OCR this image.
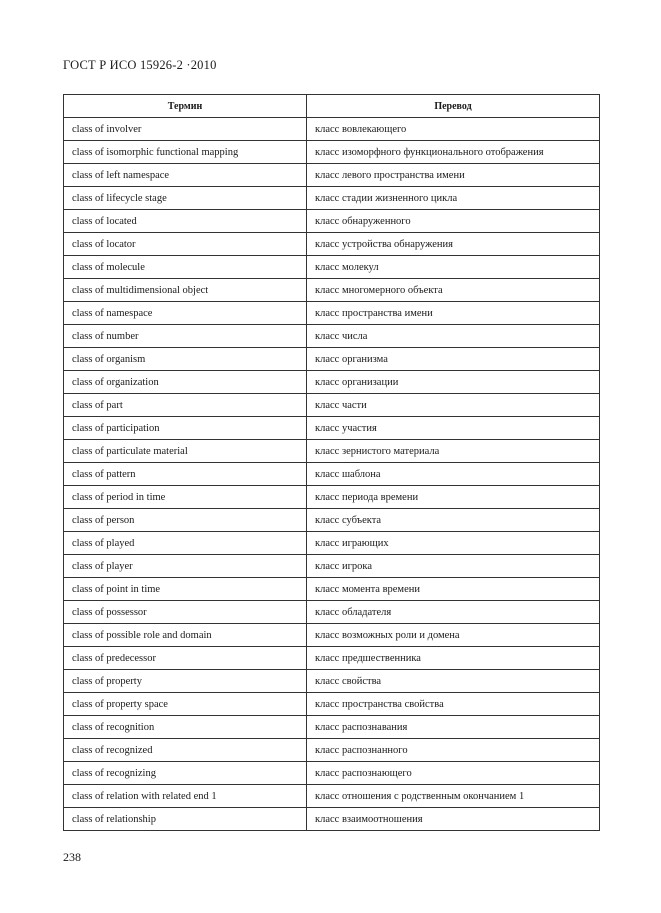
ГОСТ Р ИСО 15926-2 ·2010
Термин	Перевод
class of involver	класс вовлекающего
class of isomorphic functional mapping	класс изоморфного функционального отображения
class of left namespace	класс левого пространства имени
class of lifecycle stage	класс стадии жизненного цикла
class of located	класс обнаруженного
class of locator	класс устройства обнаружения
class of molecule	класс молекул
class of multidimensional object	класс многомерного объекта
class of namespace	класс пространства имени
class of number	класс числа
class of organism	класс организма
class of organization	класс организации
class of part	класс части
class of participation	класс участия
class of particulate material	класс зернистого материала
class of pattern	класс шаблона
class of period in time	класс периода времени
class of person	класс субъекта
class of played	класс играющих
class of player	класс игрока
class of point in time	класс момента времени
class of possessor	класс обладателя
class of possible role and domain	класс возможных роли и домена
class of predecessor	класс предшественника
class of property	класс свойства
class of property space	класс пространства свойства
class of recognition	класс распознавания
class of recognized	класс распознанного
class of recognizing	класс распознающего
class of relation with related end 1	класс отношения с родственным окончанием 1
class of relationship	класс взаимоотношения
238
